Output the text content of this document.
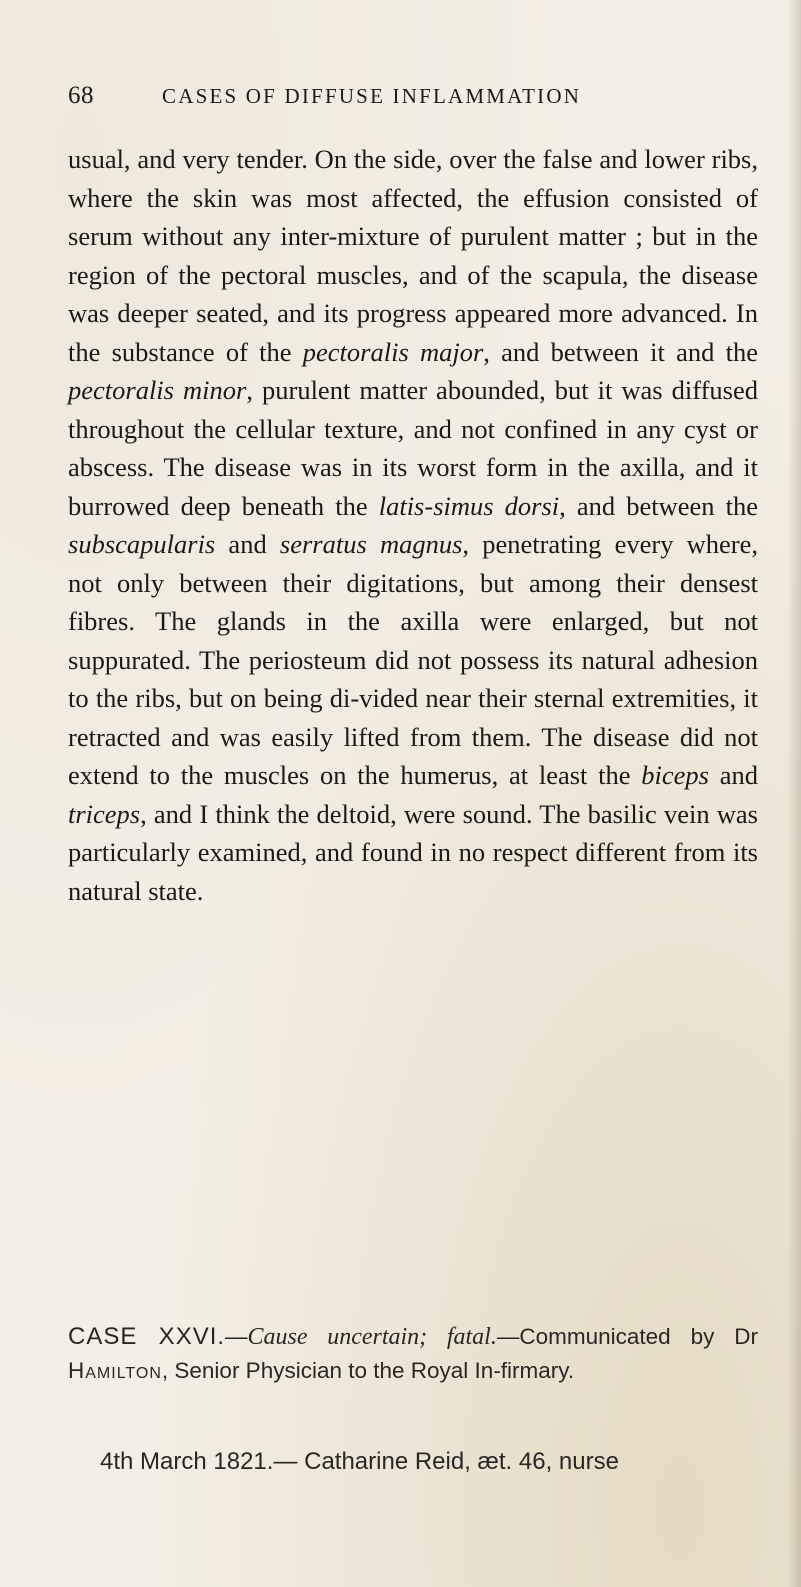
68	CASES OF DIFFUSE INFLAMMATION

usual, and very tender. On the side, over the false and lower ribs, where the skin was most affected, the effusion consisted of serum without any inter-mixture of purulent matter ; but in the region of the pectoral muscles, and of the scapula, the disease was deeper seated, and its progress appeared more advanced. In the substance of the pectoralis major, and between it and the pectoralis minor, purulent matter abounded, but it was diffused throughout the cellular texture, and not confined in any cyst or abscess. The disease was in its worst form in the axilla, and it burrowed deep beneath the latis-simus dorsi, and between the subscapularis and serratus magnus, penetrating every where, not only between their digitations, but among their densest fibres. The glands in the axilla were enlarged, but not suppurated. The periosteum did not possess its natural adhesion to the ribs, but on being di-vided near their sternal extremities, it retracted and was easily lifted from them. The disease did not extend to the muscles on the humerus, at least the biceps and triceps, and I think the deltoid, were sound. The basilic vein was particularly examined, and found in no respect different from its natural state.

CASE XXVI.—Cause uncertain; fatal.—Communicated by Dr Hamilton, Senior Physician to the Royal In-firmary.

4th March 1821.— Catharine Reid, æt. 46, nurse
